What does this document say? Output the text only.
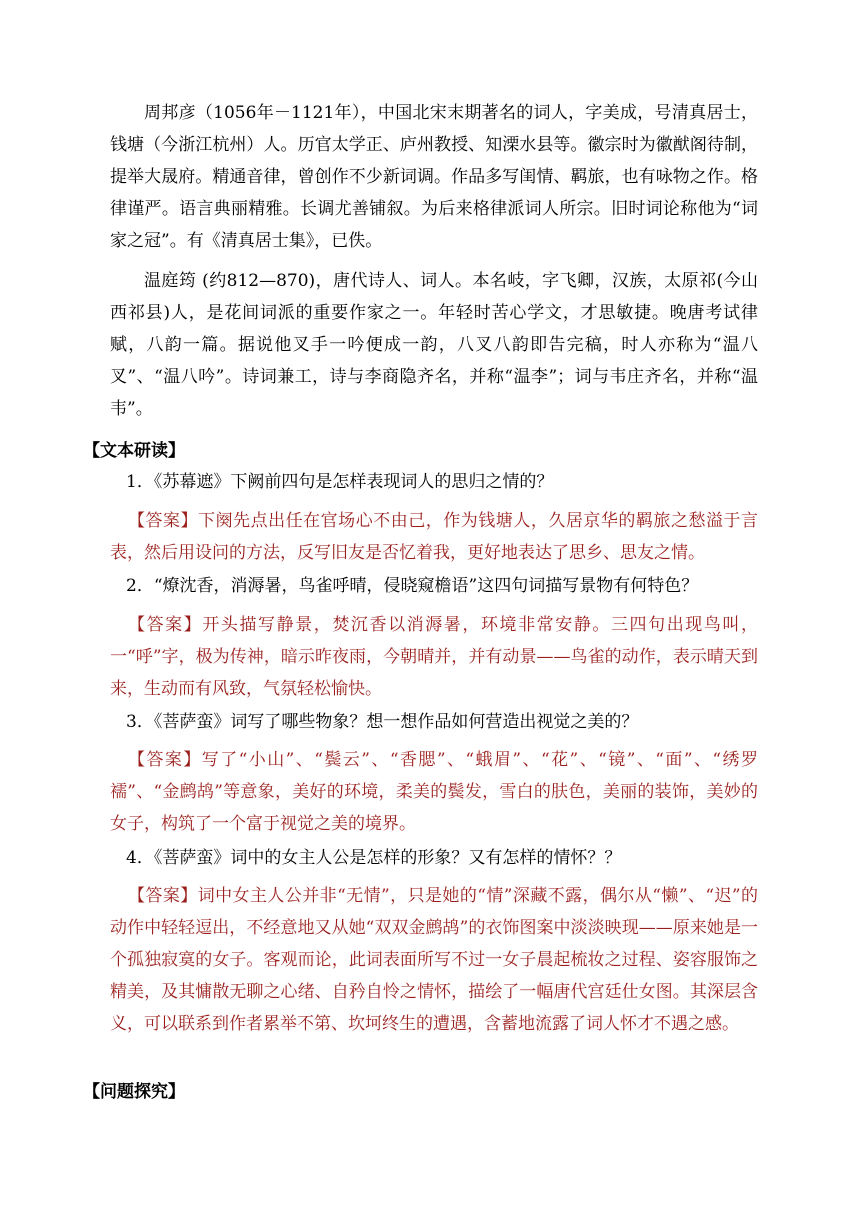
周邦彦（1056年－1121年），中国北宋末期著名的词人，字美成，号清真居士，钱塘（今浙江杭州）人。历官太学正、庐州教授、知溧水县等。徽宗时为徽猷阁待制，提举大晟府。精通音律，曾创作不少新词调。作品多写闺情、羁旅，也有咏物之作。格律谨严。语言典丽精雅。长调尤善铺叙。为后来格律派词人所宗。旧时词论称他为“词家之冠”。有《清真居士集》，已佚。

温庭筠 (约812—870)，唐代诗人、词人。本名岐，字飞卿，汉族，太原祁(今山西祁县)人，是花间词派的重要作家之一。年轻时苦心学文，才思敏捷。晚唐考试律赋，八韵一篇。据说他叉手一吟便成一韵，八叉八韵即告完稿，时人亦称为“温八叉”、“温八吟”。诗词兼工，诗与李商隐齐名，并称“温李”；词与韦庄齐名，并称“温韦”。

【文本研读】

1．《苏幕遮》下阙前四句是怎样表现词人的思归之情的？

【答案】下阕先点出任在官场心不由己，作为钱塘人，久居京华的羁旅之愁溢于言表，然后用设问的方法，反写旧友是否忆着我，更好地表达了思乡、思友之情。

2．“燎沈香，消溽暑，鸟雀呼晴，侵晓窥檐语”这四句词描写景物有何特色？

【答案】开头描写静景，焚沉香以消溽暑，环境非常安静。三四句出现鸟叫，一“呼”字，极为传神，暗示昨夜雨，今朝晴并，并有动景——鸟雀的动作，表示晴天到来，生动而有风致，气氛轻松愉快。

3．《菩萨蛮》词写了哪些物象？想一想作品如何营造出视觉之美的？

【答案】写了“小山”、“鬓云”、“香腮”、“蛾眉”、“花”、“镜”、“面”、“绣罗襦”、“金鹧鸪”等意象，美好的环境，柔美的鬓发，雪白的肤色，美丽的装饰，美妙的女子，构筑了一个富于视觉之美的境界。

4．《菩萨蛮》词中的女主人公是怎样的形象？又有怎样的情怀？？

【答案】词中女主人公并非“无情”，只是她的“情”深藏不露，偶尔从“懒”、“迟”的动作中轻轻逗出，不经意地又从她“双双金鹧鸪”的衣饰图案中淡淡映现——原来她是一个孤独寂寞的女子。客观而论，此词表面所写不过一女子晨起梳妆之过程、姿容服饰之精美，及其慵散无聊之心绪、自矜自怜之情怀，描绘了一幅唐代宫廷仕女图。其深层含义，可以联系到作者累举不第、坎坷终生的遭遇，含蓄地流露了词人怀才不遇之感。

【问题探究】
